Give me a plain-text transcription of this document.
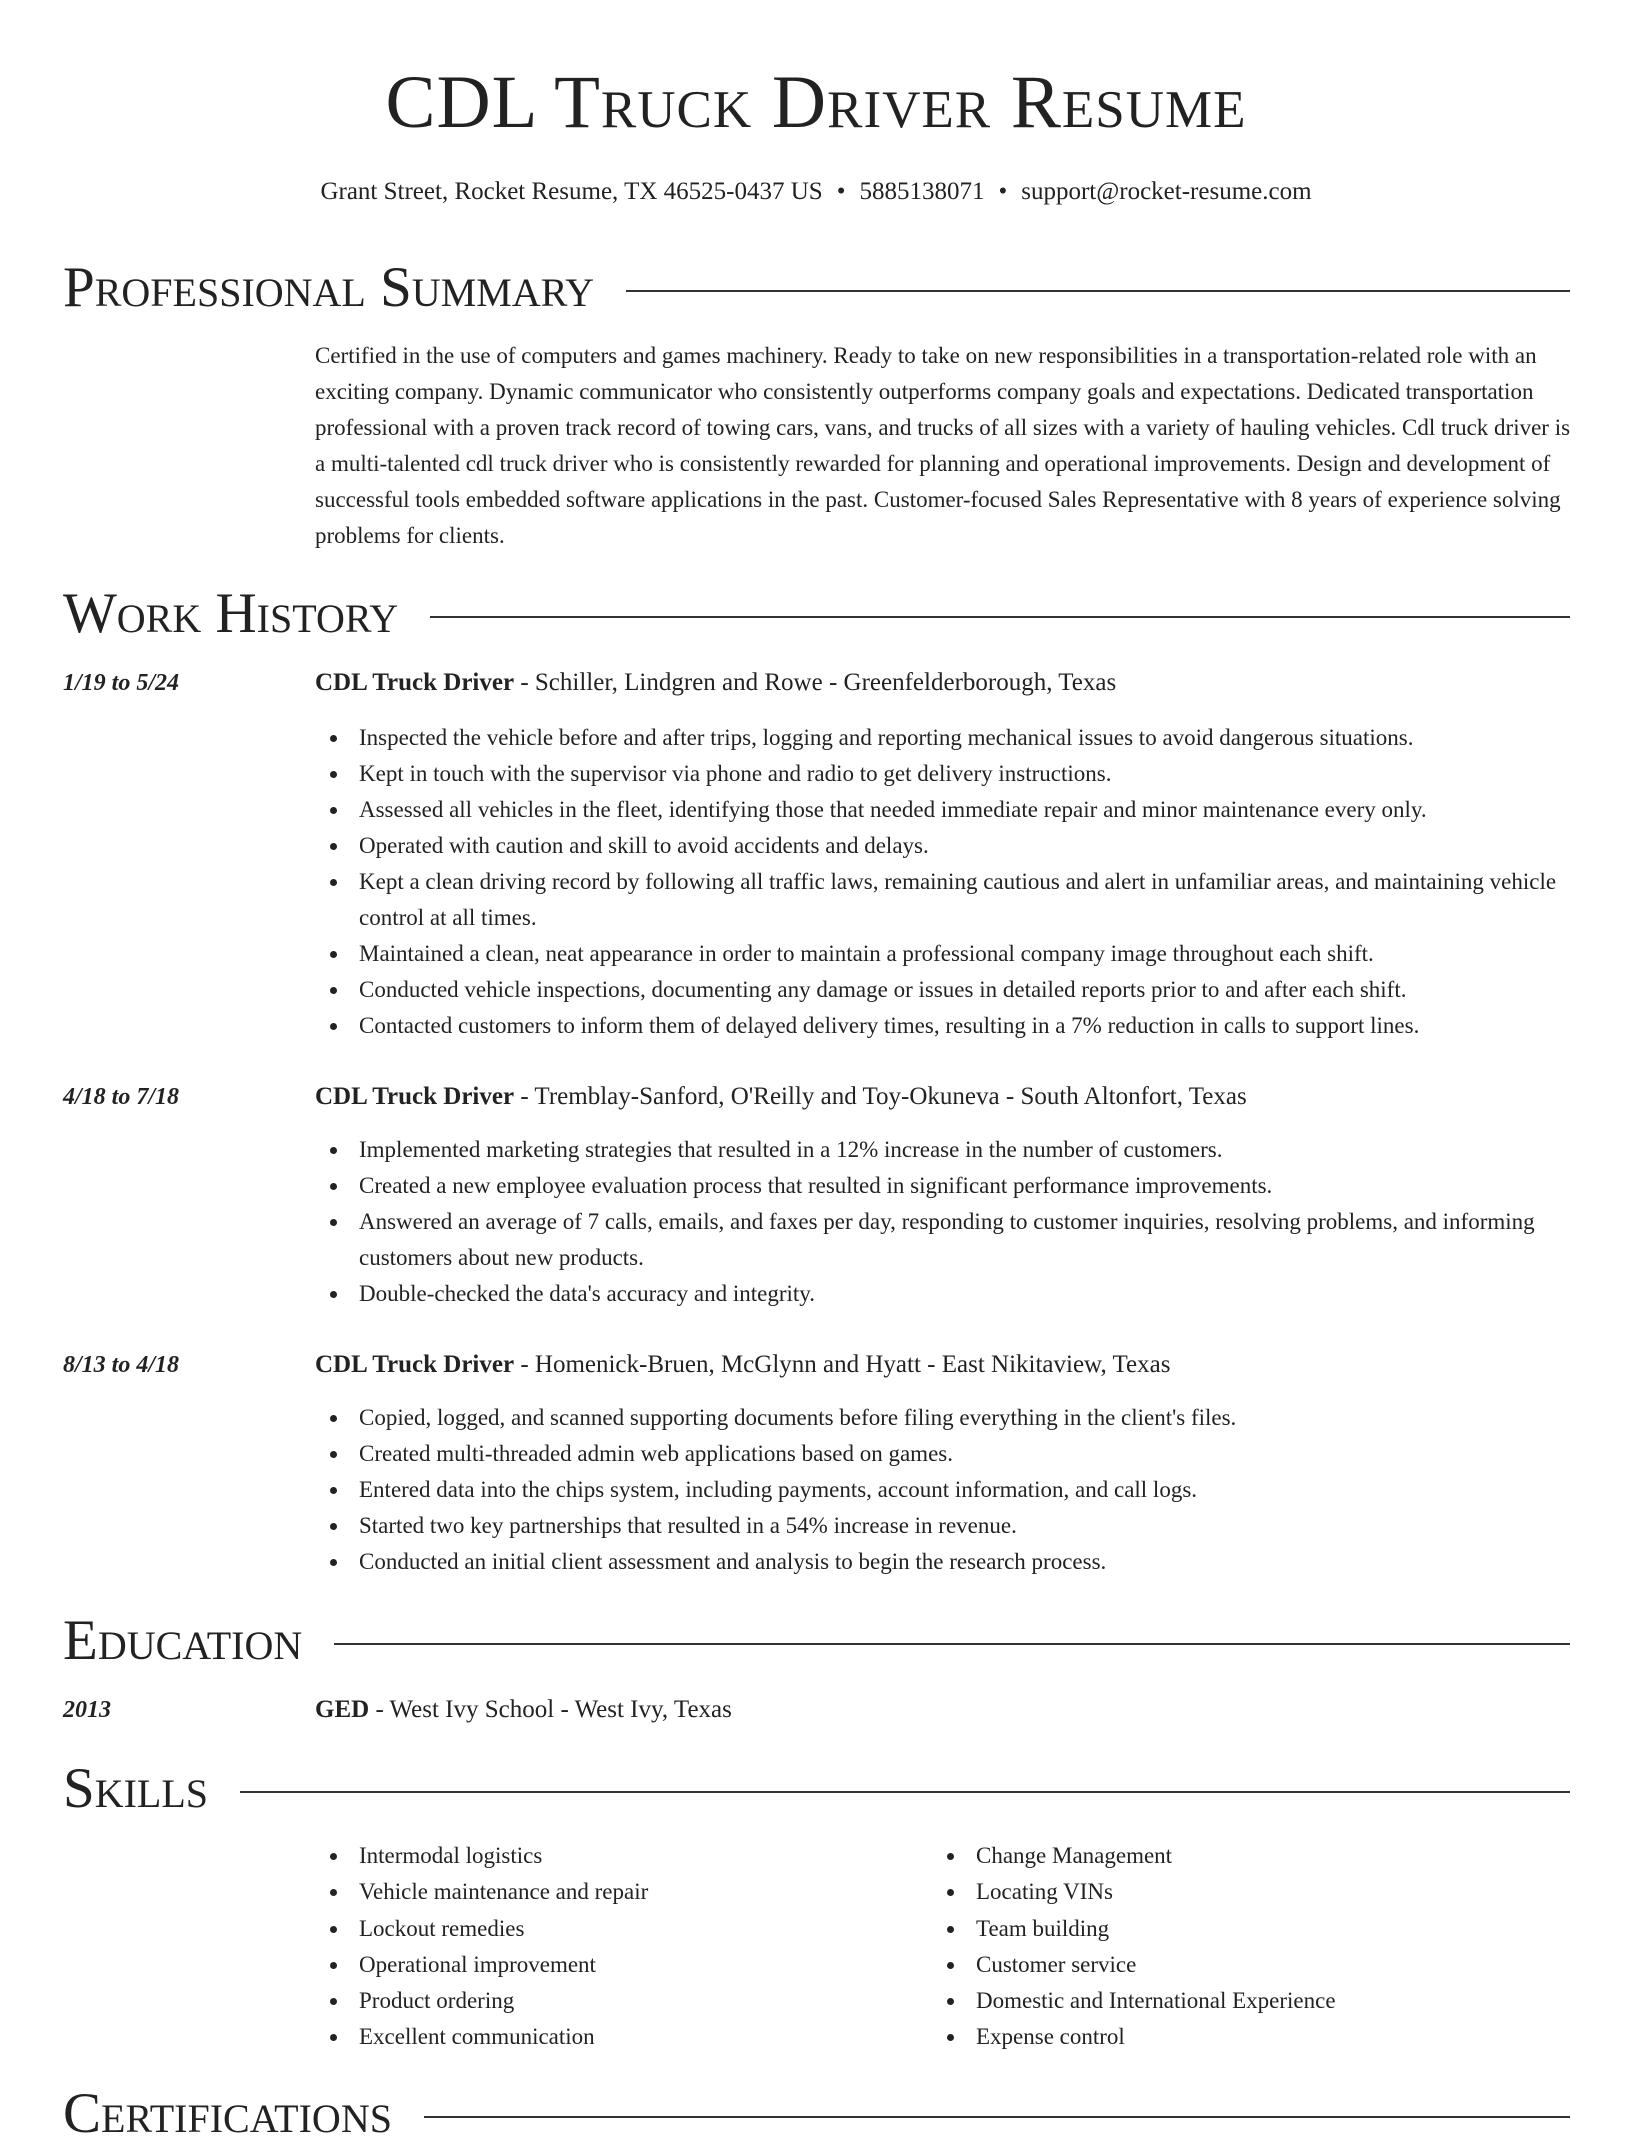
CDL Truck Driver Resume
Grant Street, Rocket Resume, TX 46525-0437 US • 5885138071 • support@rocket-resume.com
Professional Summary

Certified in the use of computers and games machinery. Ready to take on new responsibilities in a transportation-related role with an exciting company. Dynamic communicator who consistently outperforms company goals and expectations. Dedicated transportation professional with a proven track record of towing cars, vans, and trucks of all sizes with a variety of hauling vehicles. Cdl truck driver is a multi-talented cdl truck driver who is consistently rewarded for planning and operational improvements. Design and development of successful tools embedded software applications in the past. Customer-focused Sales Representative with 8 years of experience solving problems for clients.

Work History
1/19 to 5/24	CDL Truck Driver - Schiller, Lindgren and Rowe - Greenfelderborough, Texas
Inspected the vehicle before and after trips, logging and reporting mechanical issues to avoid dangerous situations.
Kept in touch with the supervisor via phone and radio to get delivery instructions.
Assessed all vehicles in the fleet, identifying those that needed immediate repair and minor maintenance every only.
Operated with caution and skill to avoid accidents and delays.
Kept a clean driving record by following all traffic laws, remaining cautious and alert in unfamiliar areas, and maintaining vehicle control at all times.
Maintained a clean, neat appearance in order to maintain a professional company image throughout each shift.
Conducted vehicle inspections, documenting any damage or issues in detailed reports prior to and after each shift.
Contacted customers to inform them of delayed delivery times, resulting in a 7% reduction in calls to support lines.
4/18 to 7/18	CDL Truck Driver - Tremblay-Sanford, O'Reilly and Toy-Okuneva - South Altonfort, Texas
Implemented marketing strategies that resulted in a 12% increase in the number of customers.
Created a new employee evaluation process that resulted in significant performance improvements.
Answered an average of 7 calls, emails, and faxes per day, responding to customer inquiries, resolving problems, and informing customers about new products.
Double-checked the data's accuracy and integrity.
8/13 to 4/18	CDL Truck Driver - Homenick-Bruen, McGlynn and Hyatt - East Nikitaview, Texas
Copied, logged, and scanned supporting documents before filing everything in the client's files.
Created multi-threaded admin web applications based on games.
Entered data into the chips system, including payments, account information, and call logs.
Started two key partnerships that resulted in a 54% increase in revenue.
Conducted an initial client assessment and analysis to begin the research process.
Education
2013	GED - West Ivy School - West Ivy, Texas
Skills
Intermodal logistics
Vehicle maintenance and repair
Lockout remedies
Operational improvement
Product ordering
Excellent communication
Change Management
Locating VINs
Team building
Customer service
Domestic and International Experience
Expense control
Certifications
